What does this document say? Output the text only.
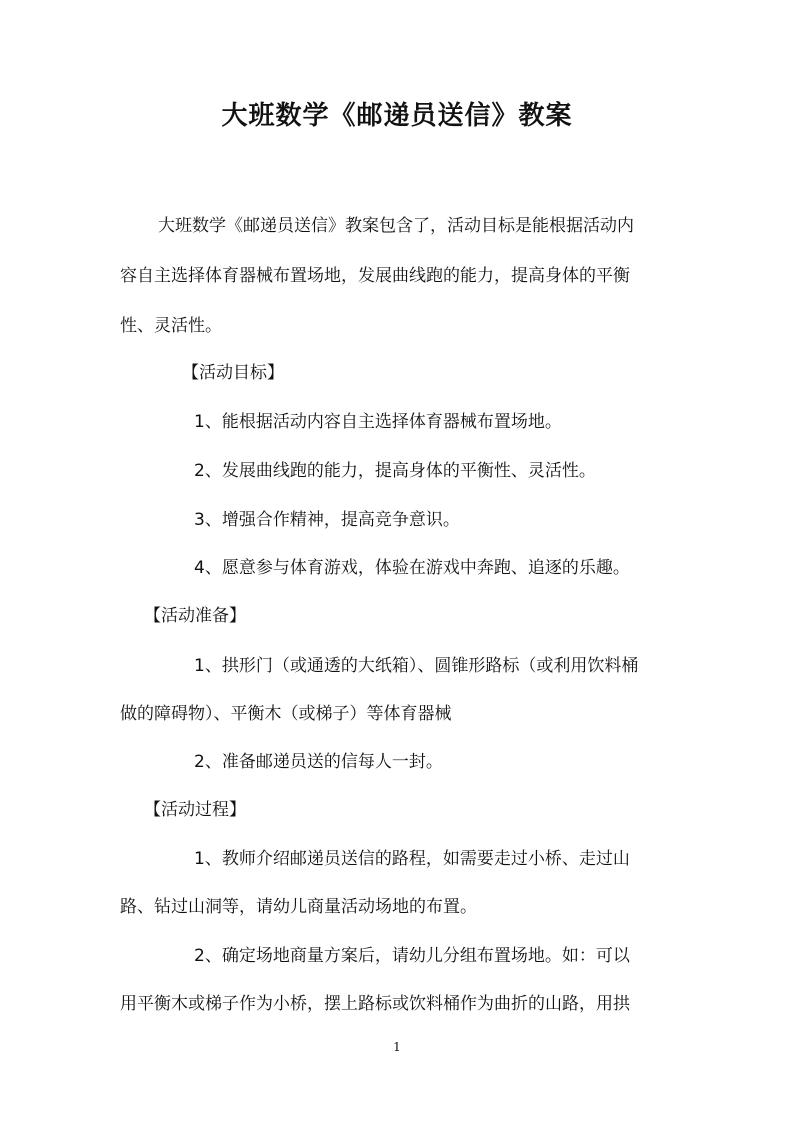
大班数学《邮递员送信》教案
大班数学《邮递员送信》教案包含了，活动目标是能根据活动内
容自主选择体育器械布置场地，发展曲线跑的能力，提高身体的平衡
性、灵活性。
【活动目标】
1、能根据活动内容自主选择体育器械布置场地。
2、发展曲线跑的能力，提高身体的平衡性、灵活性。
3、增强合作精神，提高竞争意识。
4、愿意参与体育游戏，体验在游戏中奔跑、追逐的乐趣。
【活动准备】
1、拱形门（或通透的大纸箱）、圆锥形路标（或利用饮料桶
做的障碍物）、平衡木（或梯子）等体育器械
2、准备邮递员送的信每人一封。
【活动过程】
1、教师介绍邮递员送信的路程，如需要走过小桥、走过山
路、钻过山洞等，请幼儿商量活动场地的布置。
2、确定场地商量方案后，请幼儿分组布置场地。如：可以
用平衡木或梯子作为小桥，摆上路标或饮料桶作为曲折的山路，用拱
1
